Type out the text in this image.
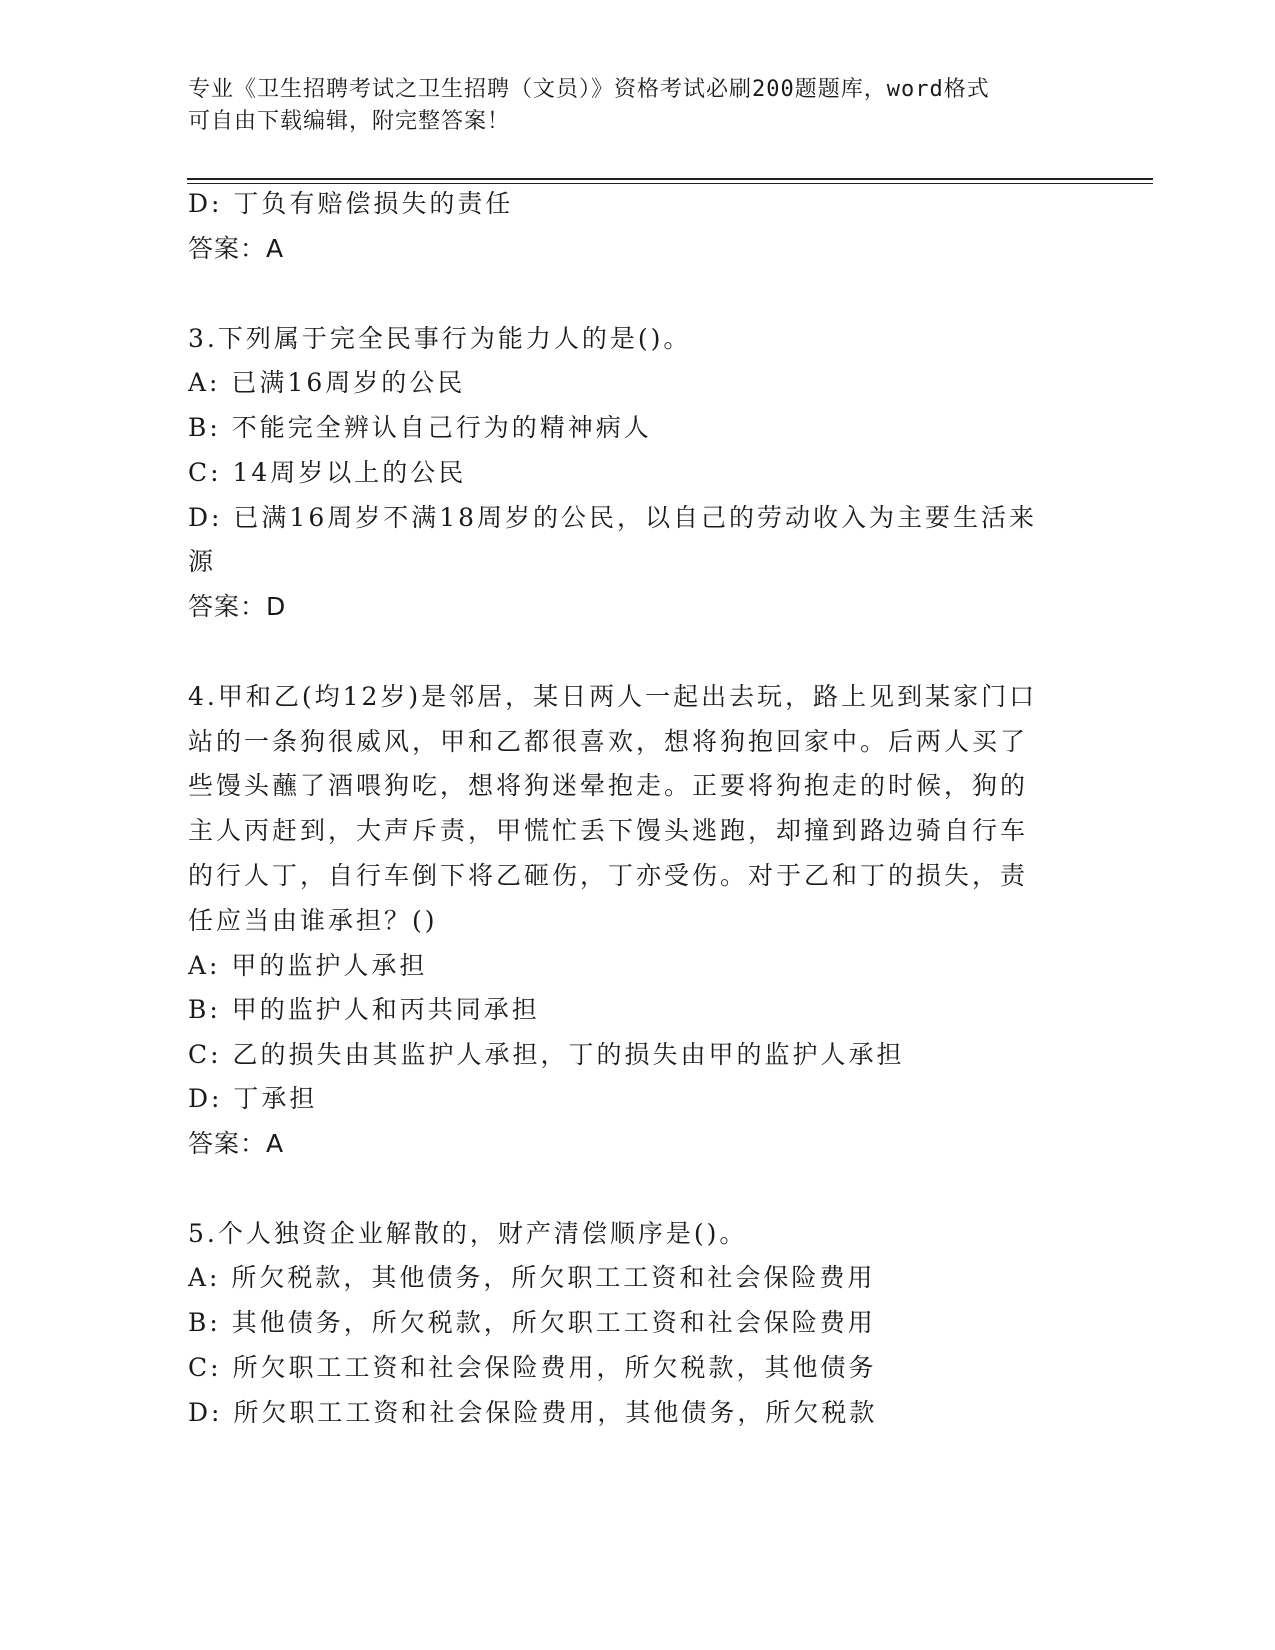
专业《卫生招聘考试之卫生招聘（文员）》资格考试必刷200题题库，word格式
可自由下载编辑，附完整答案！
D: 丁负有赔偿损失的责任
答案：A
3.下列属于完全民事行为能力人的是()。
A: 已满16周岁的公民
B: 不能完全辨认自己行为的精神病人
C: 14周岁以上的公民
D: 已满16周岁不满18周岁的公民，以自己的劳动收入为主要生活来
源
答案：D
4.甲和乙(均12岁)是邻居，某日两人一起出去玩，路上见到某家门口
站的一条狗很威风，甲和乙都很喜欢，想将狗抱回家中。后两人买了
些馒头蘸了酒喂狗吃，想将狗迷晕抱走。正要将狗抱走的时候，狗的
主人丙赶到，大声斥责，甲慌忙丢下馒头逃跑，却撞到路边骑自行车
的行人丁，自行车倒下将乙砸伤，丁亦受伤。对于乙和丁的损失，责
任应当由谁承担？()
A: 甲的监护人承担
B: 甲的监护人和丙共同承担
C: 乙的损失由其监护人承担，丁的损失由甲的监护人承担
D: 丁承担
答案：A
5.个人独资企业解散的，财产清偿顺序是()。
A: 所欠税款，其他债务，所欠职工工资和社会保险费用
B: 其他债务，所欠税款，所欠职工工资和社会保险费用
C: 所欠职工工资和社会保险费用，所欠税款，其他债务
D: 所欠职工工资和社会保险费用，其他债务，所欠税款
